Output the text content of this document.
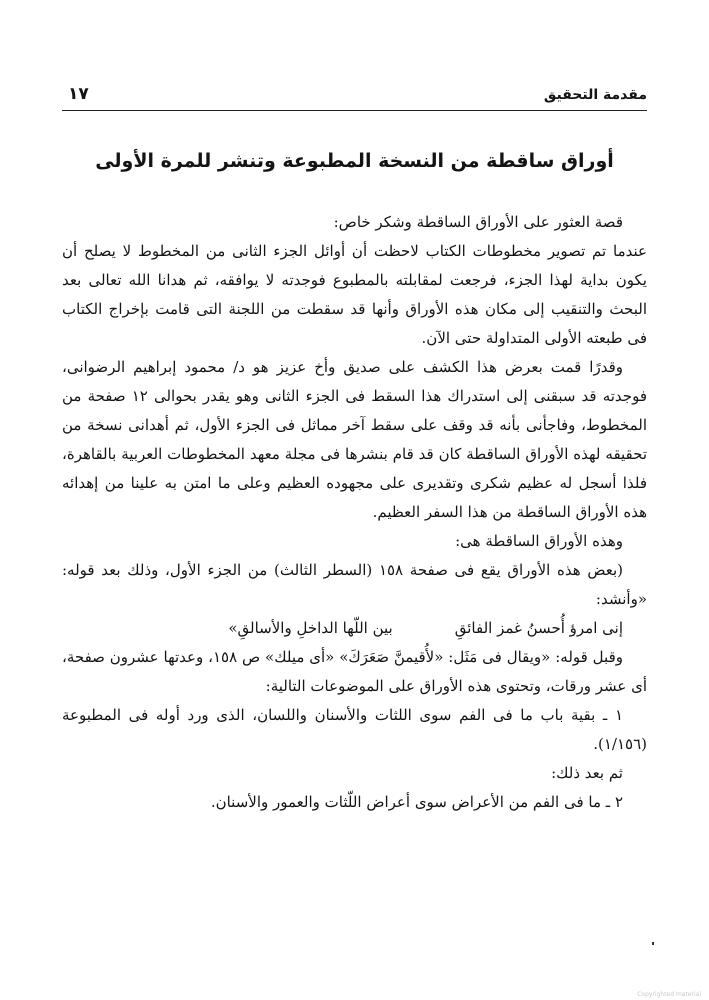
مقدمة التحقيق
١٧
أوراق ساقطة من النسخة المطبوعة وتنشر للمرة الأولى

قصة العثور على الأوراق الساقطة وشكر خاص:

عندما تم تصوير مخطوطات الكتاب لاحظت أن أوائل الجزء الثانى من المخطوط لا يصلح أن يكون بداية لهذا الجزء، فرجعت لمقابلته بالمطبوع فوجدته لا يوافقه، ثم هدانا الله تعالى بعد البحث والتنقيب إلى مكان هذه الأوراق وأنها قد سقطت من اللجنة التى قامت بإخراج الكتاب فى طبعته الأولى المتداولة حتى الآن.

وقدرًا قمت بعرض هذا الكشف على صديق وأخ عزيز هو د/ محمود إبراهيم الرضوانى، فوجدته قد سبقنى إلى استدراك هذا السقط فى الجزء الثانى وهو يقدر بحوالى ١٢ صفحة من المخطوط، وفاجأنى بأنه قد وقف على سقط آخر مماثل فى الجزء الأول، ثم أهدانى نسخة من تحقيقه لهذه الأوراق الساقطة كان قد قام بنشرها فى مجلة معهد المخطوطات العربية بالقاهرة، فلذا أسجل له عظيم شكرى وتقديرى على مجهوده العظيم وعلى ما امتن به علينا من إهدائه هذه الأوراق الساقطة من هذا السفر العظيم.

وهذه الأوراق الساقطة هى:

(بعض هذه الأوراق يقع فى صفحة ١٥٨ (السطر الثالث) من الجزء الأول، وذلك بعد قوله: «وأنشد:

إنى امرؤ أُحسنُ غمز الفائقِ
بين اللّها الداخلِ والأسالقِ»

وقبل قوله: «ويقال فى مَثَل: «لأُقيمنَّ صَعَرَكَ» «أى ميلك» ص ١٥٨، وعدتها عشرون صفحة، أى عشر ورقات، وتحتوى هذه الأوراق على الموضوعات التالية:

١ ـ بقية باب ما فى الفم سوى اللثات والأسنان واللسان، الذى ورد أوله فى المطبوعة (١/١٥٦).

ثم بعد ذلك:

٢ ـ ما فى الفم من الأعراض سوى أعراض اللّثات والعمور والأسنان.

Copyrighted material
